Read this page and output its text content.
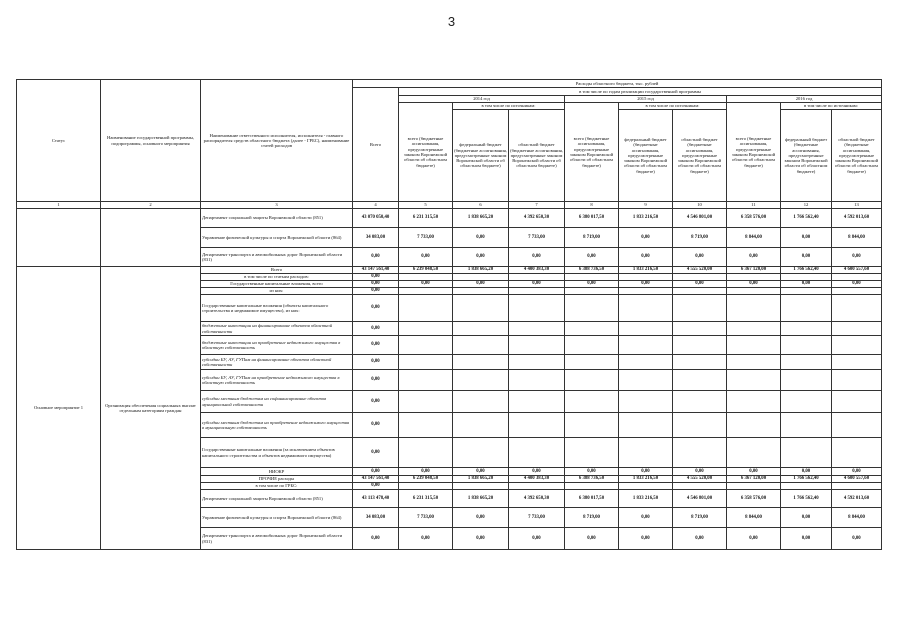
3
Статус	Наименование государственной программы, подпрограммы, основного мероприятия	Наименование ответственного исполнителя, исполнителя - главного распорядителя средств областного бюджета (далее - ГРБС), наименование статей расходов	Расходы областного бюджета, тыс. рублей									
			Всего	в том числе по годам реализации государственной программы								
				2014 год			2015 год			2016 год		
				всего (бюджетные ассигнования, предусмотренные законом Воронежской области об областном бюджете)	в том числе по источникам:		всего (бюджетные ассигнования, предусмотренные законом Воронежской области об областном бюджете)	в том числе по источникам:		всего (бюджетные ассигнования, предусмотренные законом Воронежской области об областном бюджете)	в том числе по источникам:	
					федеральный бюджет (бюджетные ассигнования, предусмотренные законом Воронежской области об областном бюджете)	областной бюджет (бюджетные ассигнования, предусмотренные законом Воронежской области об областном бюджете)		федеральный бюджет (бюджетные ассигнования, предусмотренные законом Воронежской области об областном бюджете)	областной бюджет (бюджетные ассигнования, предусмотренные законом Воронежской области об областном бюджете)		федеральный бюджет (бюджетные ассигнования, предусмотренные законом Воронежской области об областном бюджете)	областной бюджет (бюджетные ассигнования, предусмотренные законом Воронежской области об областном бюджете)
1	2	3	4	5	6	7	8	9	10	11	12	13
		Департамент социальной защиты Воронежской области (851)	43 070 050,40	6 231 315,50	1 838 665,20	4 392 650,30	6 380 017,50	1 833 216,50	4 546 801,00	6 358 576,00	1 766 562,40	4 592 013,60
		Управление физической культуры и спорта Воронежской области (864)	34 083,00	7 733,00	0,00	7 733,00	8 719,00	0,00	8 719,00	8 844,00	0,00	8 844,00
		Департамент транспорта и автомобильных дорог Воронежской области (831)	0,00	0,00	0,00	0,00	0,00	0,00	0,00	0,00	0,00	0,00
Основное мероприятие 1	Организация обеспечения социальных выплат отдельным категориям граждан	Всего	43 147 561,40	6 239 048,50	1 838 665,20	4 400 383,30	6 388 736,50	1 833 216,50	4 555 520,00	6 367 120,00	1 766 562,40	4 600 557,60
		в том числе по статьям расходов:	0,00									
		Государственные капитальные вложения, всего	0,00	0,00	0,00	0,00	0,00	0,00	0,00	0,00	0,00	0,00
		из них:	0,00									
		Государственные капитальные вложения (объекты капитального строительства и недвижимое имущество), из них:	0,00									
		бюджетные инвестиции на финансирование объектов областной собственности	0,00									
		бюджетные инвестиции на приобретение недвижимого имущества в областную собственность	0,00									
		субсидии БУ, АУ, ГУПам на финансирование объектов областной собственности	0,00									
		субсидии БУ, АУ, ГУПам на приобретение недвижимого имущества в областную собственность	0,00									
		субсидии местным бюджетам на софинансирование объектов муниципальной собственности	0,00									
		субсидии местным бюджетам на приобретение недвижимого имущества в муниципальную собственность	0,00									
		Государственные капитальные вложения (за исключением объектов капитального строительства и объектов недвижимого имущества)	0,00									
		НИОКР	0,00	0,00	0,00	0,00	0,00	0,00	0,00	0,00	0,00	0,00
		ПРОЧИЕ расходы	43 147 561,40	6 239 048,50	1 838 665,20	4 400 383,30	6 388 736,50	1 833 216,50	4 555 520,00	6 367 120,00	1 766 562,40	4 600 557,60
		в том числе по ГРБС:	0,00									
		Департамент социальной защиты Воронежской области (851)	43 113 478,40	6 231 315,50	1 838 665,20	4 392 650,30	6 380 017,50	1 833 216,50	4 546 801,00	6 358 576,00	1 766 562,40	4 592 013,60
		Управление физической культуры и спорта Воронежской области (864)	34 083,00	7 733,00	0,00	7 733,00	8 719,00	0,00	8 719,00	8 844,00	0,00	8 844,00
		Департамент транспорта и автомобильных дорог Воронежской области (831)	0,00	0,00	0,00	0,00	0,00	0,00	0,00	0,00	0,00	0,00
